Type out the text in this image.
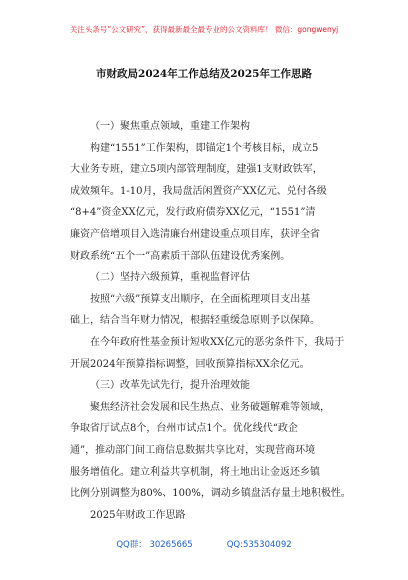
关注头条号“公文研究”，获得最新最全最专业的公文资料库！ 微信：gongwenyj
市财政局2024年工作总结及2025年工作思路

（一）聚焦重点领域，重建工作架构

构建“1551”工作架构，即锚定1个考核目标，成立5

大业务专班，建立5项内部管理制度，建强1支财政铁军，

成效频年。1-10月，我局盘活闲置资产XX亿元、兑付各级

“8+4”资金XX亿元，发行政府债券XX亿元，“1551”清

廉资产倍增项目入选清廉台州建设重点项目库，获评全省

财政系统“五个一”高素质干部队伍建设优秀案例。

（二）坚持六级预算，重视监督评估

按照“六级”预算支出顺序，在全面梳理项目支出基

础上，结合当年财力情况，根据轻重缓急原则予以保障。

在今年政府性基金预计短收XX亿元的恶劣条件下，我局于

开展2024年预算指标调整，回收预算指标XX余亿元。

（三）改革先试先行，提升治理效能

聚焦经济社会发展和民生热点、业务破题解难等领域，

争取省厅试点8个，台州市试点1个。优化线代“政企

通”，推动部门间工商信息数据共享比对，实现营商环境

服务增值化。建立利益共享机制，将土地出让金返还乡镇

比例分别调整为80%、100%，调动乡镇盘活存量土地积极性。

2025年财政工作思路

QQ群： 30265665	QQ:535304092
